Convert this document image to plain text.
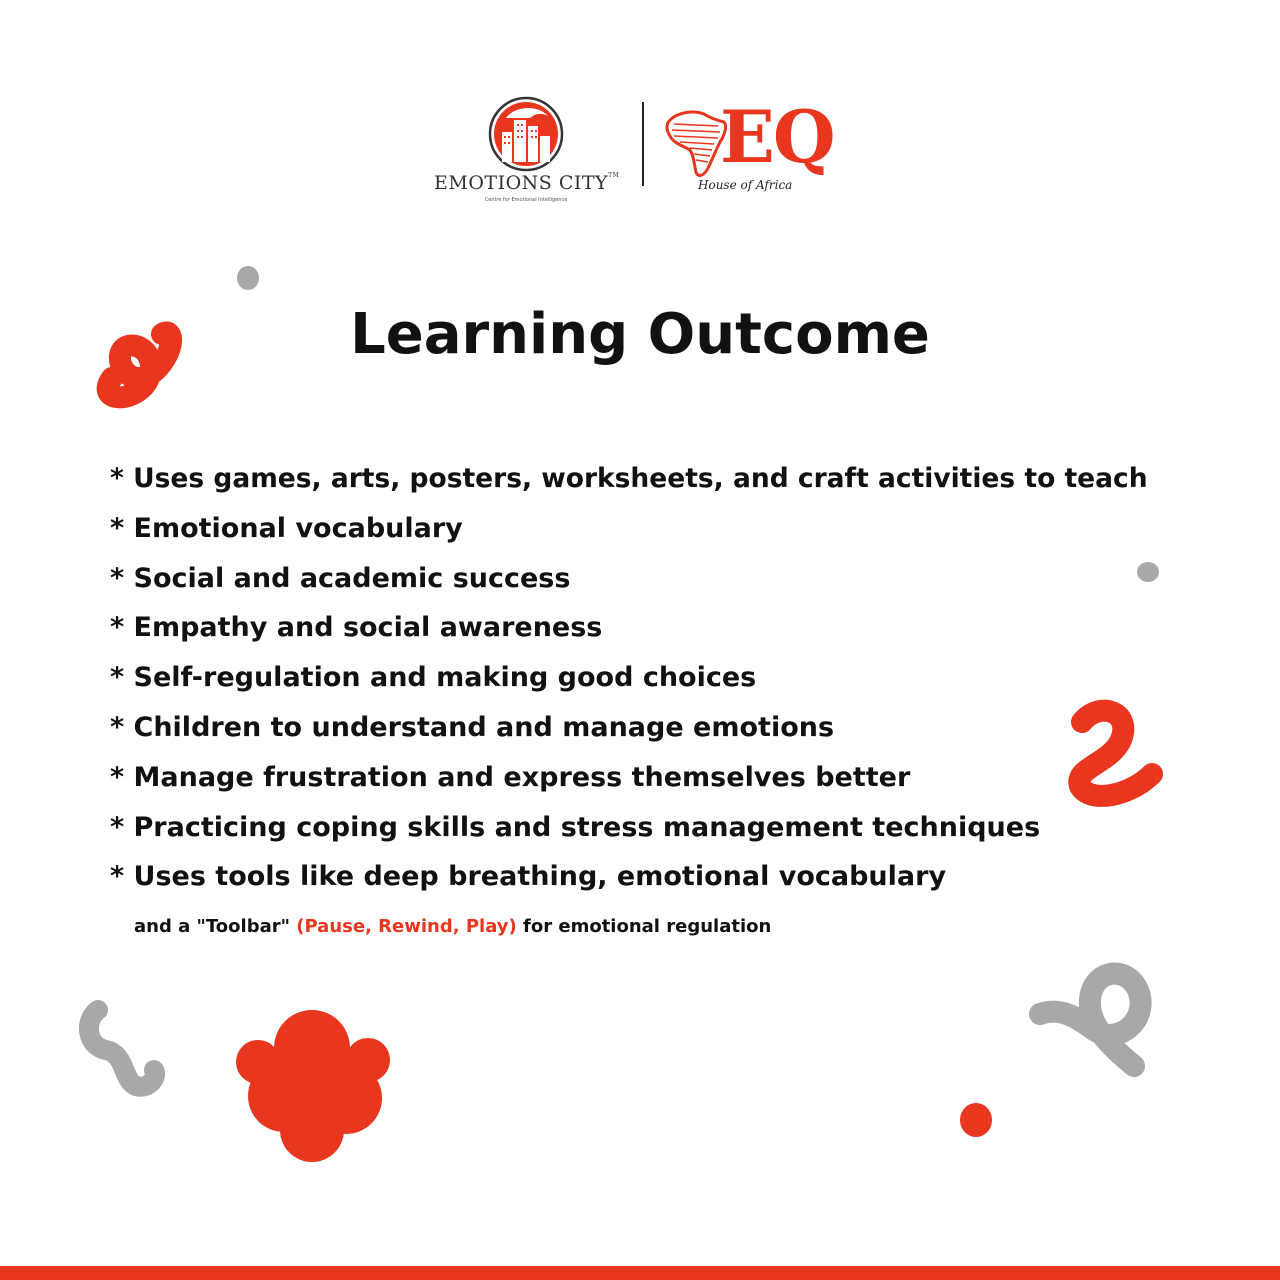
EMOTIONS CITY™
Centre for Emotional Intelligence
EQ
House of Africa
Learning Outcome
* Uses games, arts, posters, worksheets, and craft activities to teach
* Emotional vocabulary
* Social and academic success
* Empathy and social awareness
* Self-regulation and making good choices
* Children to understand and manage emotions
* Manage frustration and express themselves better
* Practicing coping skills and stress management techniques
* Uses tools like deep breathing, emotional vocabulary
and a "Toolbar" (Pause, Rewind, Play) for emotional regulation
